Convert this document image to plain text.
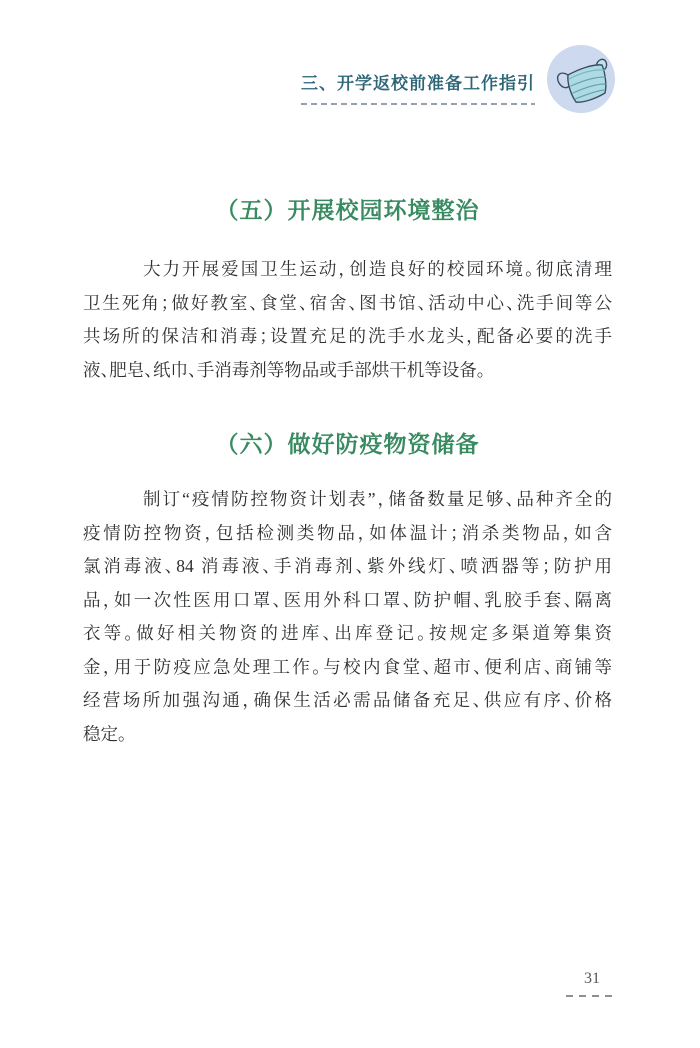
三、开学返校前准备工作指引
（五）开展校园环境整治
大力开展爱国卫生运动，创造良好的校园环境。彻底清理
卫生死角；做好教室、食堂、宿舍、图书馆、活动中心、洗手间等公
共场所的保洁和消毒；设置充足的洗手水龙头，配备必要的洗手
液、肥皂、纸巾、手消毒剂等物品或手部烘干机等设备。
（六）做好防疫物资储备
制订“疫情防控物资计划表”，储备数量足够、品种齐全的
疫情防控物资，包括检测类物品，如体温计；消杀类物品，如含
氯消毒液、84 消毒液、手消毒剂、紫外线灯、喷洒器等；防护用
品，如一次性医用口罩、医用外科口罩、防护帽、乳胶手套、隔离
衣等。做好相关物资的进库、出库登记。按规定多渠道筹集资
金，用于防疫应急处理工作。与校内食堂、超市、便利店、商铺等
经营场所加强沟通，确保生活必需品储备充足、供应有序、价格
稳定。
31
